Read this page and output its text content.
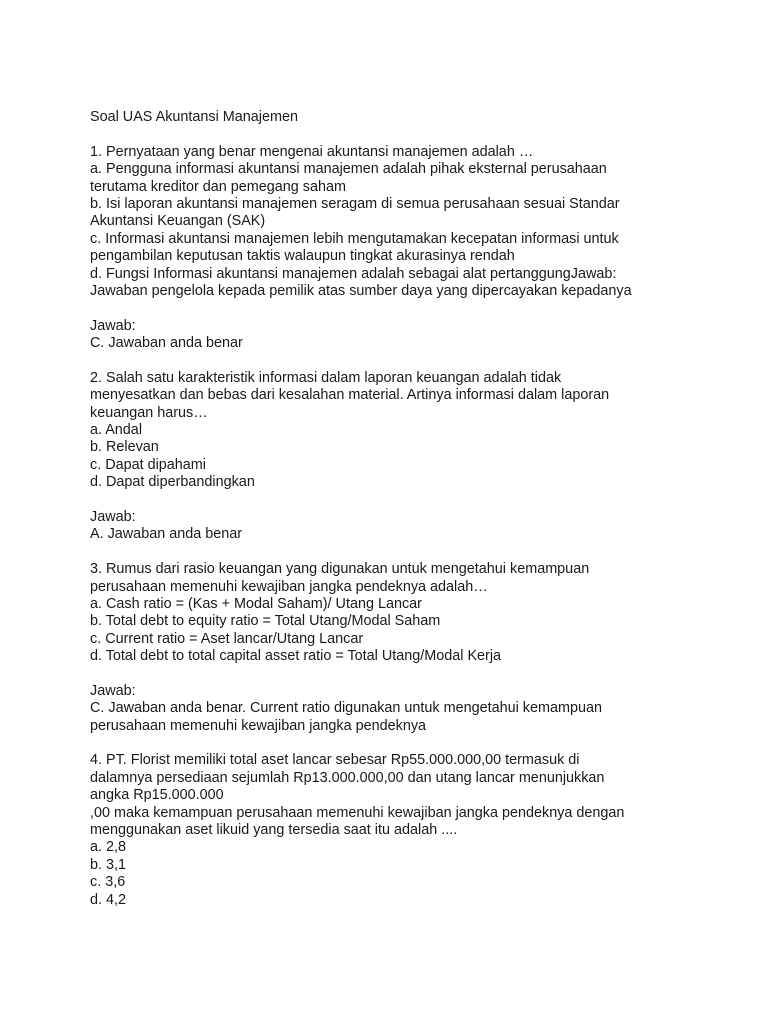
Soal UAS Akuntansi Manajemen
1. Pernyataan yang benar mengenai akuntansi manajemen adalah …
a. Pengguna informasi akuntansi manajemen adalah pihak eksternal perusahaan
terutama kreditor dan pemegang saham
b. Isi laporan akuntansi manajemen seragam di semua perusahaan sesuai Standar
Akuntansi Keuangan (SAK)
c. Informasi akuntansi manajemen lebih mengutamakan kecepatan informasi untuk
pengambilan keputusan taktis walaupun tingkat akurasinya rendah
d. Fungsi Informasi akuntansi manajemen adalah sebagai alat pertanggungJawab:
Jawaban pengelola kepada pemilik atas sumber daya yang dipercayakan kepadanya
Jawab:
C. Jawaban anda benar
2. Salah satu karakteristik informasi dalam laporan keuangan adalah tidak
menyesatkan dan bebas dari kesalahan material. Artinya informasi dalam laporan
keuangan harus…
a. Andal
b. Relevan
c. Dapat dipahami
d. Dapat diperbandingkan
Jawab:
A. Jawaban anda benar
3. Rumus dari rasio keuangan yang digunakan untuk mengetahui kemampuan
perusahaan memenuhi kewajiban jangka pendeknya adalah…
a. Cash ratio = (Kas + Modal Saham)/ Utang Lancar
b. Total debt to equity ratio = Total Utang/Modal Saham
c. Current ratio = Aset lancar/Utang Lancar
d. Total debt to total capital asset ratio = Total Utang/Modal Kerja
Jawab:
C. Jawaban anda benar. Current ratio digunakan untuk mengetahui kemampuan
perusahaan memenuhi kewajiban jangka pendeknya
4. PT. Florist memiliki total aset lancar sebesar Rp55.000.000,00 termasuk di
dalamnya persediaan sejumlah Rp13.000.000,00 dan utang lancar menunjukkan
angka Rp15.000.000
,00 maka kemampuan perusahaan memenuhi kewajiban jangka pendeknya dengan
menggunakan aset likuid yang tersedia saat itu adalah ....
a. 2,8
b. 3,1
c. 3,6
d. 4,2
